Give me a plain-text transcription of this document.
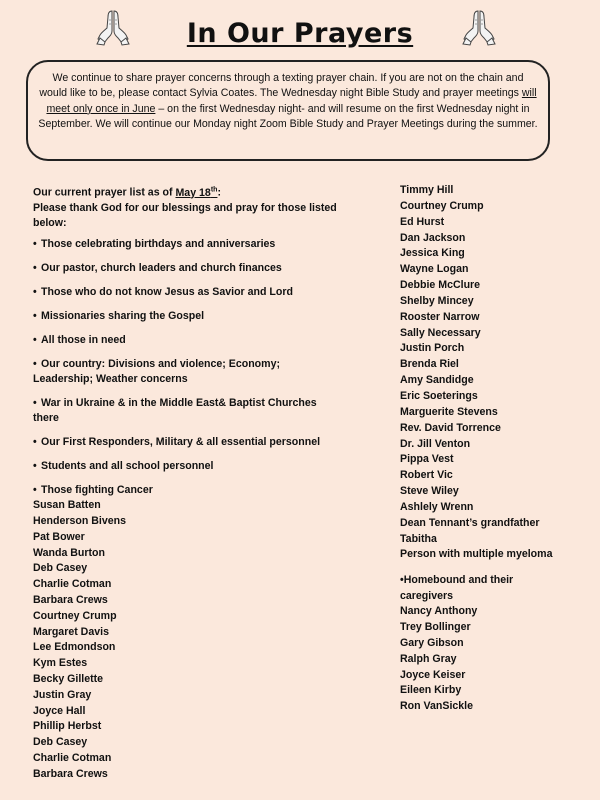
In Our Prayers
We continue to share prayer concerns through a texting prayer chain. If you are not on the chain and would like to be, please contact Sylvia Coates. The Wednesday night Bible Study and prayer meetings will meet only once in June – on the first Wednesday night- and will resume on the first Wednesday night in September. We will continue our Monday night Zoom Bible Study and Prayer Meetings during the summer.
Our current prayer list as of May 18th:
Please thank God for our blessings and pray for those listed below:
• Those celebrating birthdays and anniversaries
• Our pastor, church leaders and church finances
• Those who do not know Jesus as Savior and Lord
• Missionaries sharing the Gospel
• All those in need
• Our country: Divisions and violence; Economy; Leadership; Weather concerns
• War in Ukraine & in the Middle East& Baptist Churches there
• Our First Responders, Military & all essential personnel
• Students and all school personnel
• Those fighting Cancer
Susan Batten
Henderson Bivens
Pat Bower
Wanda Burton
Deb Casey
Charlie Cotman
Barbara Crews
Courtney Crump
Margaret Davis
Lee Edmondson
Kym Estes
Becky Gillette
Justin Gray
Joyce Hall
Phillip Herbst
Deb Casey
Charlie Cotman
Barbara Crews
Timmy Hill
Courtney Crump
Ed Hurst
Dan Jackson
Jessica King
Wayne Logan
Debbie McClure
Shelby Mincey
Rooster Narrow
Sally Necessary
Justin Porch
Brenda Riel
Amy Sandidge
Eric Soeterings
Marguerite Stevens
Rev. David Torrence
Dr. Jill Venton
Pippa Vest
Robert Vic
Steve Wiley
Ashlely Wrenn
Dean Tennant’s grandfather
Tabitha
Person with multiple myeloma
•Homebound and their caregivers
Nancy Anthony
Trey Bollinger
Gary Gibson
Ralph Gray
Joyce Keiser
Eileen Kirby
Ron VanSickle
